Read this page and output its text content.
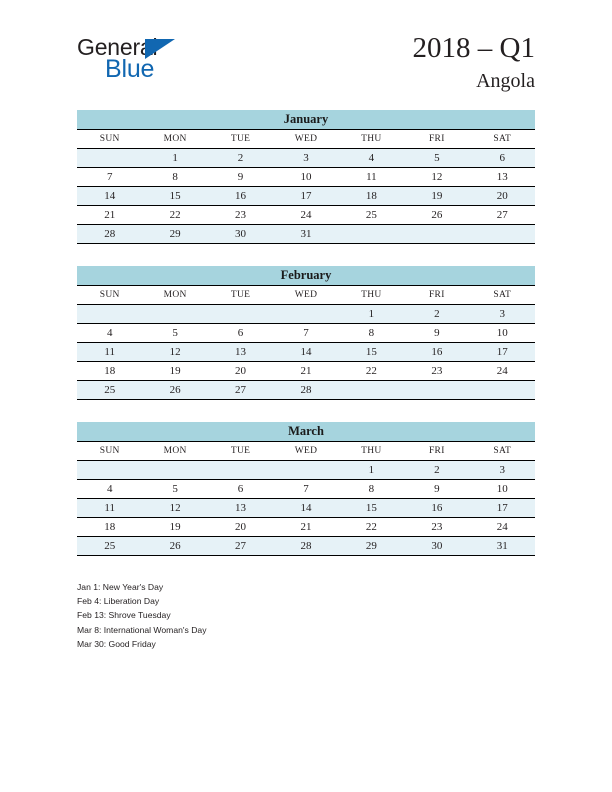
General
Blue
2018 – Q1
Angola
January
SUN	MON	TUE	WED	THU	FRI	SAT
	1	2	3	4	5	6
7	8	9	10	11	12	13
14	15	16	17	18	19	20
21	22	23	24	25	26	27
28	29	30	31			
February
SUN	MON	TUE	WED	THU	FRI	SAT
				1	2	3
4	5	6	7	8	9	10
11	12	13	14	15	16	17
18	19	20	21	22	23	24
25	26	27	28			
March
SUN	MON	TUE	WED	THU	FRI	SAT
				1	2	3
4	5	6	7	8	9	10
11	12	13	14	15	16	17
18	19	20	21	22	23	24
25	26	27	28	29	30	31
Jan 1: New Year's Day
Feb 4: Liberation Day
Feb 13: Shrove Tuesday
Mar 8: International Woman's Day
Mar 30: Good Friday
